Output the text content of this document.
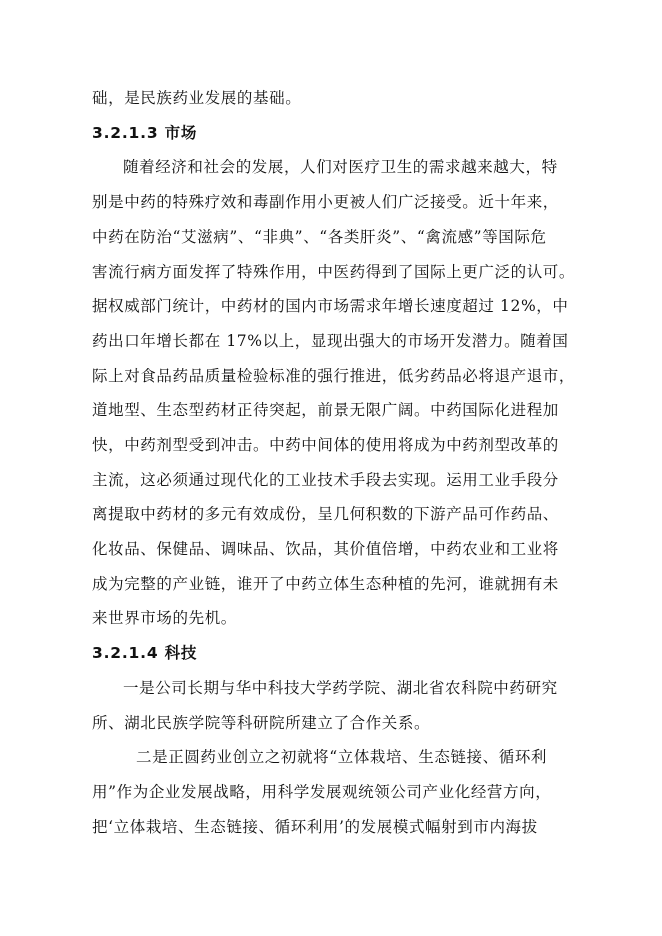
础，是民族药业发展的基础。
3.2.1.3 市场
随着经济和社会的发展，人们对医疗卫生的需求越来越大，特
别是中药的特殊疗效和毒副作用小更被人们广泛接受。近十年来，
中药在防治“艾滋病”、“非典”、“各类肝炎”、“禽流感”等国际危
害流行病方面发挥了特殊作用，中医药得到了国际上更广泛的认可。
据权威部门统计，中药材的国内市场需求年增长速度超过 12%，中
药出口年增长都在 17%以上，显现出强大的市场开发潜力。随着国
际上对食品药品质量检验标准的强行推进，低劣药品必将退产退市，
道地型、生态型药材正待突起，前景无限广阔。中药国际化进程加
快，中药剂型受到冲击。中药中间体的使用将成为中药剂型改革的
主流，这必须通过现代化的工业技术手段去实现。运用工业手段分
离提取中药材的多元有效成份，呈几何积数的下游产品可作药品、
化妆品、保健品、调味品、饮品，其价值倍增，中药农业和工业将
成为完整的产业链，谁开了中药立体生态种植的先河，谁就拥有未
来世界市场的先机。
3.2.1.4 科技
一是公司长期与华中科技大学药学院、湖北省农科院中药研究
所、湖北民族学院等科研院所建立了合作关系。
二是正圆药业创立之初就将“立体栽培、生态链接、循环利
用”作为企业发展战略，用科学发展观统领公司产业化经营方向，
把‘立体栽培、生态链接、循环利用’的发展模式幅射到市内海拔
